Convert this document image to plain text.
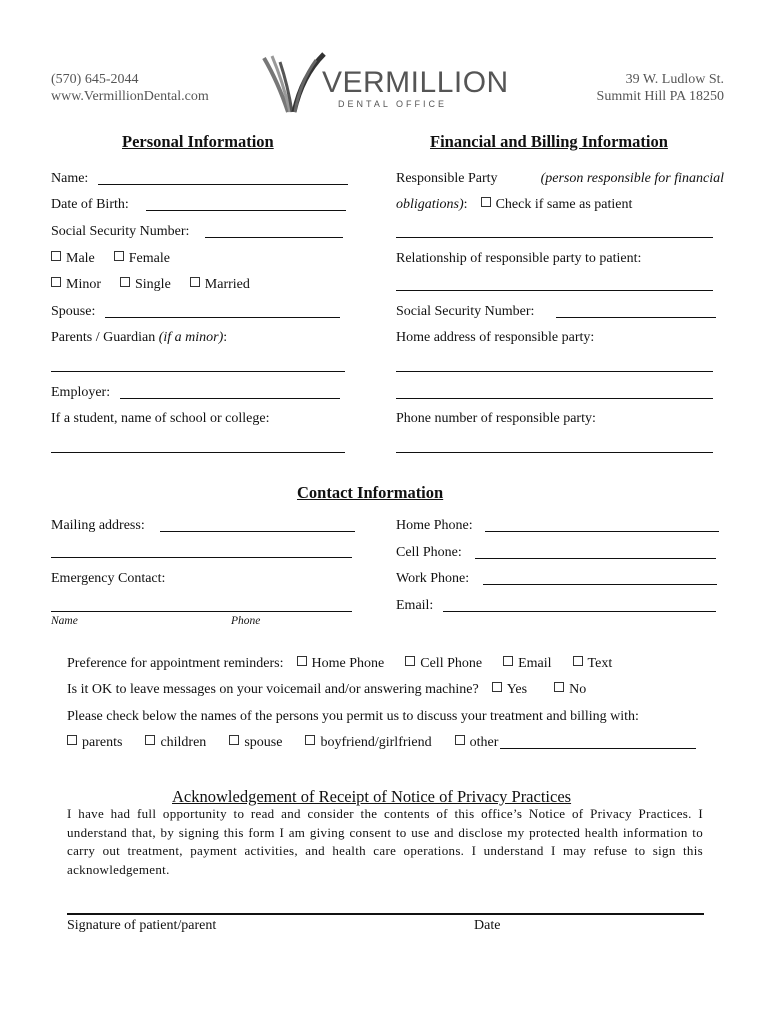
(570) 645-2044
www.VermillionDental.com
39 W. Ludlow St.
Summit Hill PA 18250
VERMILLION
DENTAL OFFICE
Personal Information	Financial and Billing Information
Name:
Date of Birth:
Social Security Number:
Male Female
Minor Single Married
Spouse:
Parents / Guardian (if a minor):
Employer:
If a student, name of school or college:
Responsible Party	(person responsible for financial
obligations): Check if same as patient
Relationship of responsible party to patient:
Social Security Number:
Home address of responsible party:
Phone number of responsible party:
Contact Information
Mailing address:
Emergency Contact:
Name	Phone
Home Phone:
Cell Phone:
Work Phone:
Email:
Preference for appointment reminders: Home Phone	Cell Phone	Email	Text
Is it OK to leave messages on your voicemail and/or answering machine? Yes	No
Please check below the names of the persons you permit us to discuss your treatment and billing with:
parents	children	spouse	boyfriend/girlfriend	other
Acknowledgement of Receipt of Notice of Privacy Practices
I have had full opportunity to read and consider the contents of this office’s Notice of Privacy Practices. I understand that, by signing this form I am giving consent to use and disclose my protected health information to carry out treatment, payment activities, and health care operations. I understand I may refuse to sign this acknowledgement.
Signature of patient/parent	Date
